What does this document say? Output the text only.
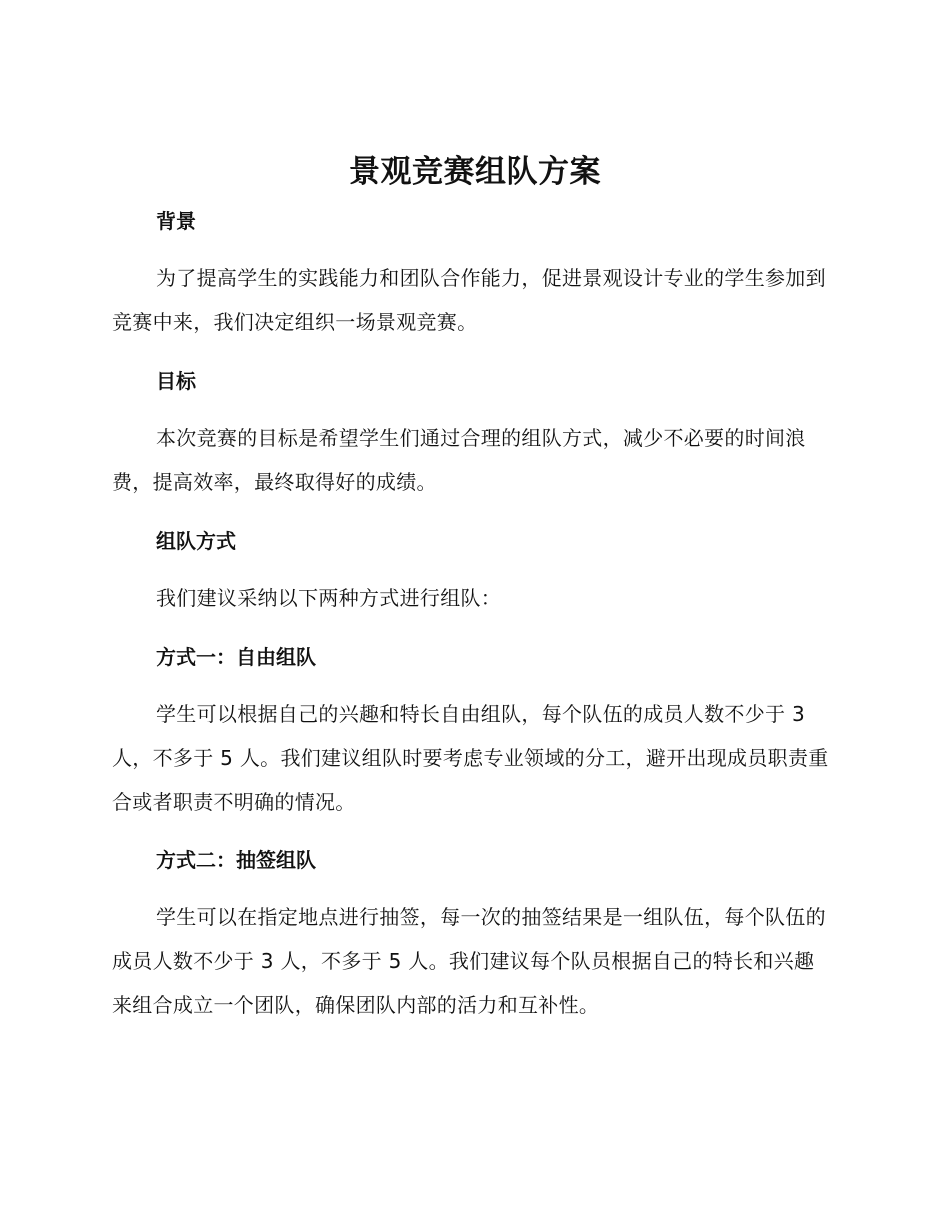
景观竞赛组队方案
背景

为了提高学生的实践能力和团队合作能力，促进景观设计专业的学生参加到竞赛中来，我们决定组织一场景观竞赛。

目标

本次竞赛的目标是希望学生们通过合理的组队方式，减少不必要的时间浪费，提高效率，最终取得好的成绩。

组队方式

我们建议采纳以下两种方式进行组队：

方式一：自由组队

学生可以根据自己的兴趣和特长自由组队，每个队伍的成员人数不少于 3 人，不多于 5 人。我们建议组队时要考虑专业领域的分工，避开出现成员职责重合或者职责不明确的情况。

方式二：抽签组队

学生可以在指定地点进行抽签，每一次的抽签结果是一组队伍，每个队伍的成员人数不少于 3 人，不多于 5 人。我们建议每个队员根据自己的特长和兴趣来组合成立一个团队，确保团队内部的活力和互补性。
